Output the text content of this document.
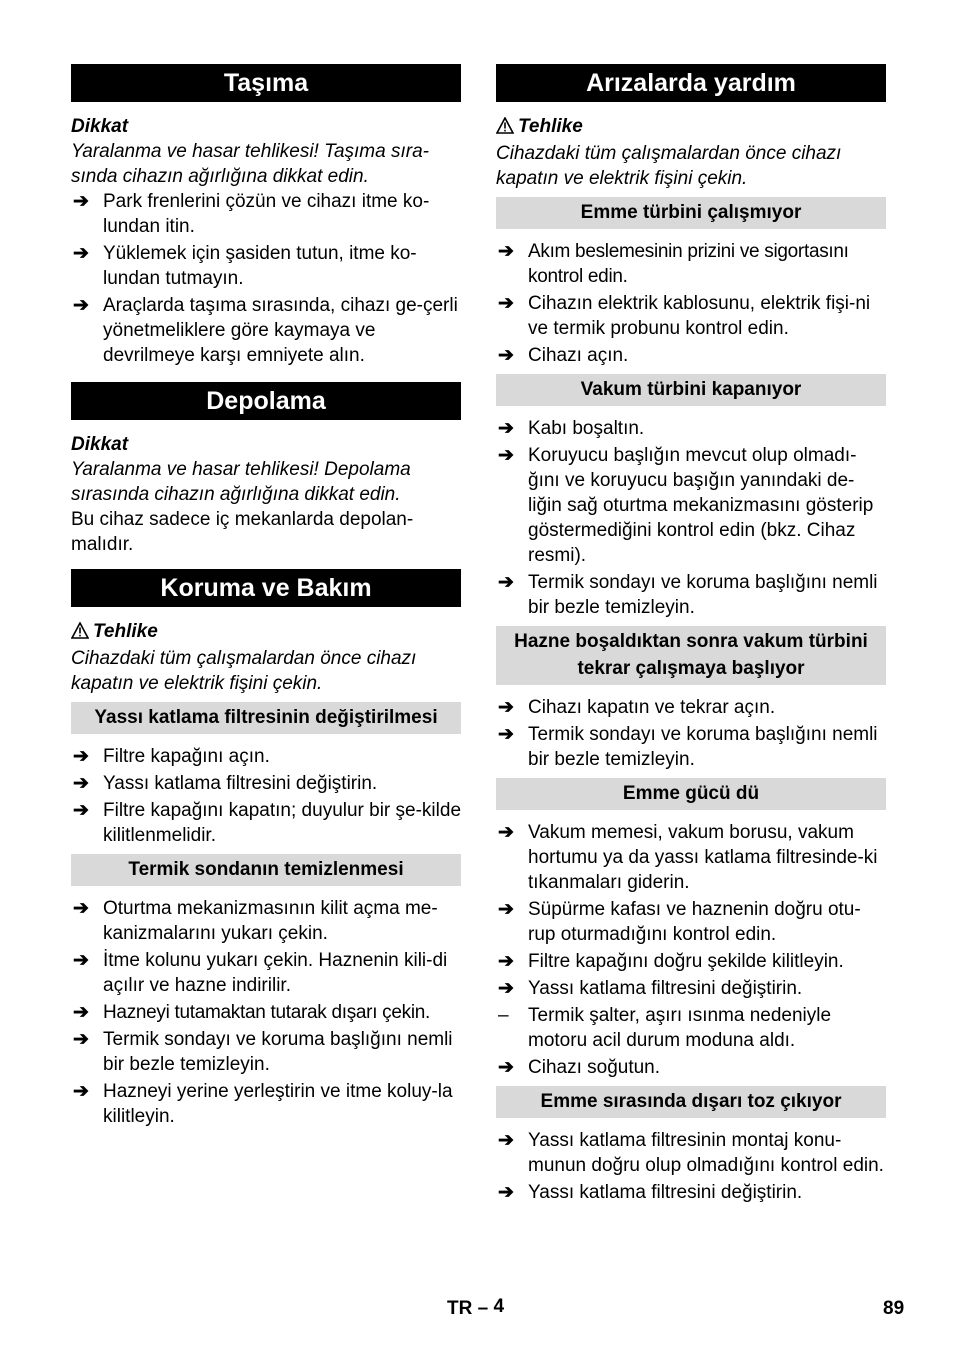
Taşıma
Dikkat
Yaralanma ve hasar tehlikesi! Taşıma sıra-sında cihazın ağırlığına dikkat edin.
➔ Park frenlerini çözün ve cihazı itme ko-lundan itin.
➔ Yüklemek için şasiden tutun, itme ko-lundan tutmayın.
➔ Araçlarda taşıma sırasında, cihazı ge-çerli yönetmeliklere göre kaymaya ve devrilmeye karşı emniyete alın.
Depolama
Dikkat
Yaralanma ve hasar tehlikesi! Depolama sırasında cihazın ağırlığına dikkat edin.
Bu cihaz sadece iç mekanlarda depolan-malıdır.
Koruma ve Bakım
Tehlike
Cihazdaki tüm çalışmalardan önce cihazı kapatın ve elektrik fişini çekin.
Yassı katlama filtresinin değiştirilmesi
➔ Filtre kapağını açın.
➔ Yassı katlama filtresini değiştirin.
➔ Filtre kapağını kapatın; duyulur bir şe-kilde kilitlenmelidir.
Termik sondanın temizlenmesi
➔ Oturtma mekanizmasının kilit açma me-kanizmalarını yukarı çekin.
➔ İtme kolunu yukarı çekin. Haznenin kili-di açılır ve hazne indirilir.
➔ Hazneyi tutamaktan tutarak dışarı çekin.
➔ Termik sondayı ve koruma başlığını nemli bir bezle temizleyin.
➔ Hazneyi yerine yerleştirin ve itme koluy-la kilitleyin.
Arızalarda yardım
Tehlike
Cihazdaki tüm çalışmalardan önce cihazı kapatın ve elektrik fişini çekin.
Emme türbini çalışmıyor
➔ Akım beslemesinin prizini ve sigortasını kontrol edin.
➔ Cihazın elektrik kablosunu, elektrik fişi-ni ve termik probunu kontrol edin.
➔ Cihazı açın.
Vakum türbini kapanıyor
➔ Kabı boşaltın.
➔ Koruyucu başlığın mevcut olup olmadı-ğını ve koruyucu başığın yanındaki de-liğin sağ oturtma mekanizmasını gösterip göstermediğini kontrol edin (bkz. Cihaz resmi).
➔ Termik sondayı ve koruma başlığını nemli bir bezle temizleyin.
Hazne boşaldıktan sonra vakum türbini tekrar çalışmaya başlıyor
➔ Cihazı kapatın ve tekrar açın.
➔ Termik sondayı ve koruma başlığını nemli bir bezle temizleyin.
Emme gücü dü
➔ Vakum memesi, vakum borusu, vakum hortumu ya da yassı katlama filtresinde-ki tıkanmaları giderin.
➔ Süpürme kafası ve haznenin doğru otu-rup oturmadığını kontrol edin.
➔ Filtre kapağını doğru şekilde kilitleyin.
➔ Yassı katlama filtresini değiştirin.
–	Termik şalter, aşırı ısınma nedeniyle motoru acil durum moduna aldı.
➔ Cihazı soğutun.
Emme sırasında dışarı toz çıkıyor
➔ Yassı katlama filtresinin montaj konu-munun doğru olup olmadığını kontrol edin.
➔ Yassı katlama filtresini değiştirin.
TR – 4	89
